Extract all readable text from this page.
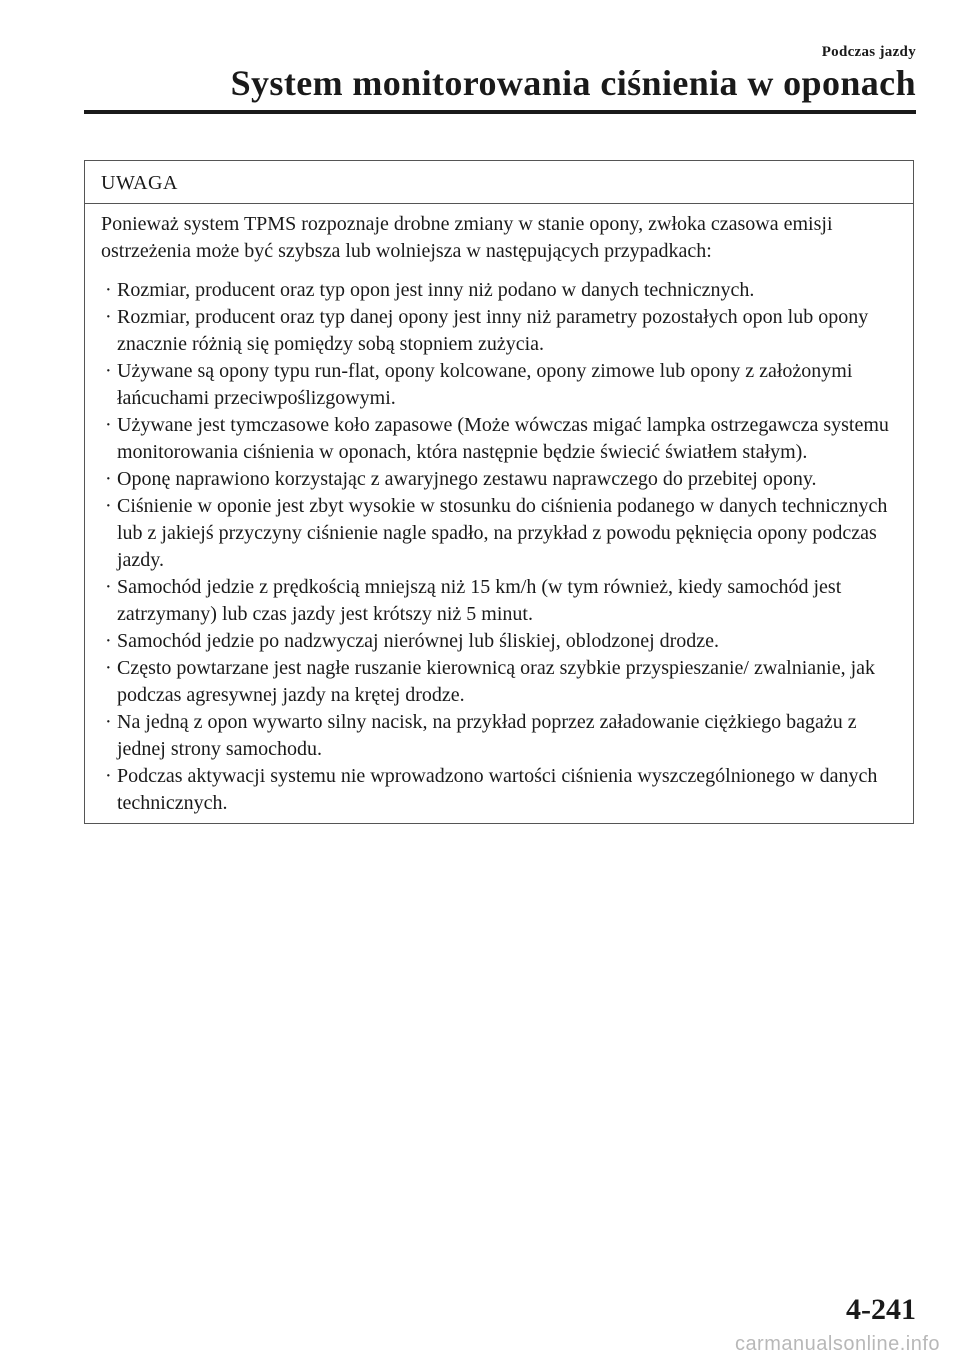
Podczas jazdy
System monitorowania ciśnienia w oponach
UWAGA

Ponieważ system TPMS rozpoznaje drobne zmiany w stanie opony, zwłoka czasowa emisji ostrzeżenia może być szybsza lub wolniejsza w następujących przypadkach:

· Rozmiar, producent oraz typ opon jest inny niż podano w danych technicznych.
· Rozmiar, producent oraz typ danej opony jest inny niż parametry pozostałych opon lub opony znacznie różnią się pomiędzy sobą stopniem zużycia.
· Używane są opony typu run-flat, opony kolcowane, opony zimowe lub opony z założonymi łańcuchami przeciwpoślizgowymi.
· Używane jest tymczasowe koło zapasowe (Może wówczas migać lampka ostrzegawcza systemu monitorowania ciśnienia w oponach, która następnie będzie świecić światłem stałym).
· Oponę naprawiono korzystając z awaryjnego zestawu naprawczego do przebitej opony.
· Ciśnienie w oponie jest zbyt wysokie w stosunku do ciśnienia podanego w danych technicznych lub z jakiejś przyczyny ciśnienie nagle spadło, na przykład z powodu pęknięcia opony podczas jazdy.
· Samochód jedzie z prędkością mniejszą niż 15 km/h (w tym również, kiedy samochód jest zatrzymany) lub czas jazdy jest krótszy niż 5 minut.
· Samochód jedzie po nadzwyczaj nierównej lub śliskiej, oblodzonej drodze.
· Często powtarzane jest nagłe ruszanie kierownicą oraz szybkie przyspieszanie/ zwalnianie, jak podczas agresywnej jazdy na krętej drodze.
· Na jedną z opon wywarto silny nacisk, na przykład poprzez załadowanie ciężkiego bagażu z jednej strony samochodu.
· Podczas aktywacji systemu nie wprowadzono wartości ciśnienia wyszczególnionego w danych technicznych.
4-241
carmanualsonline.info
